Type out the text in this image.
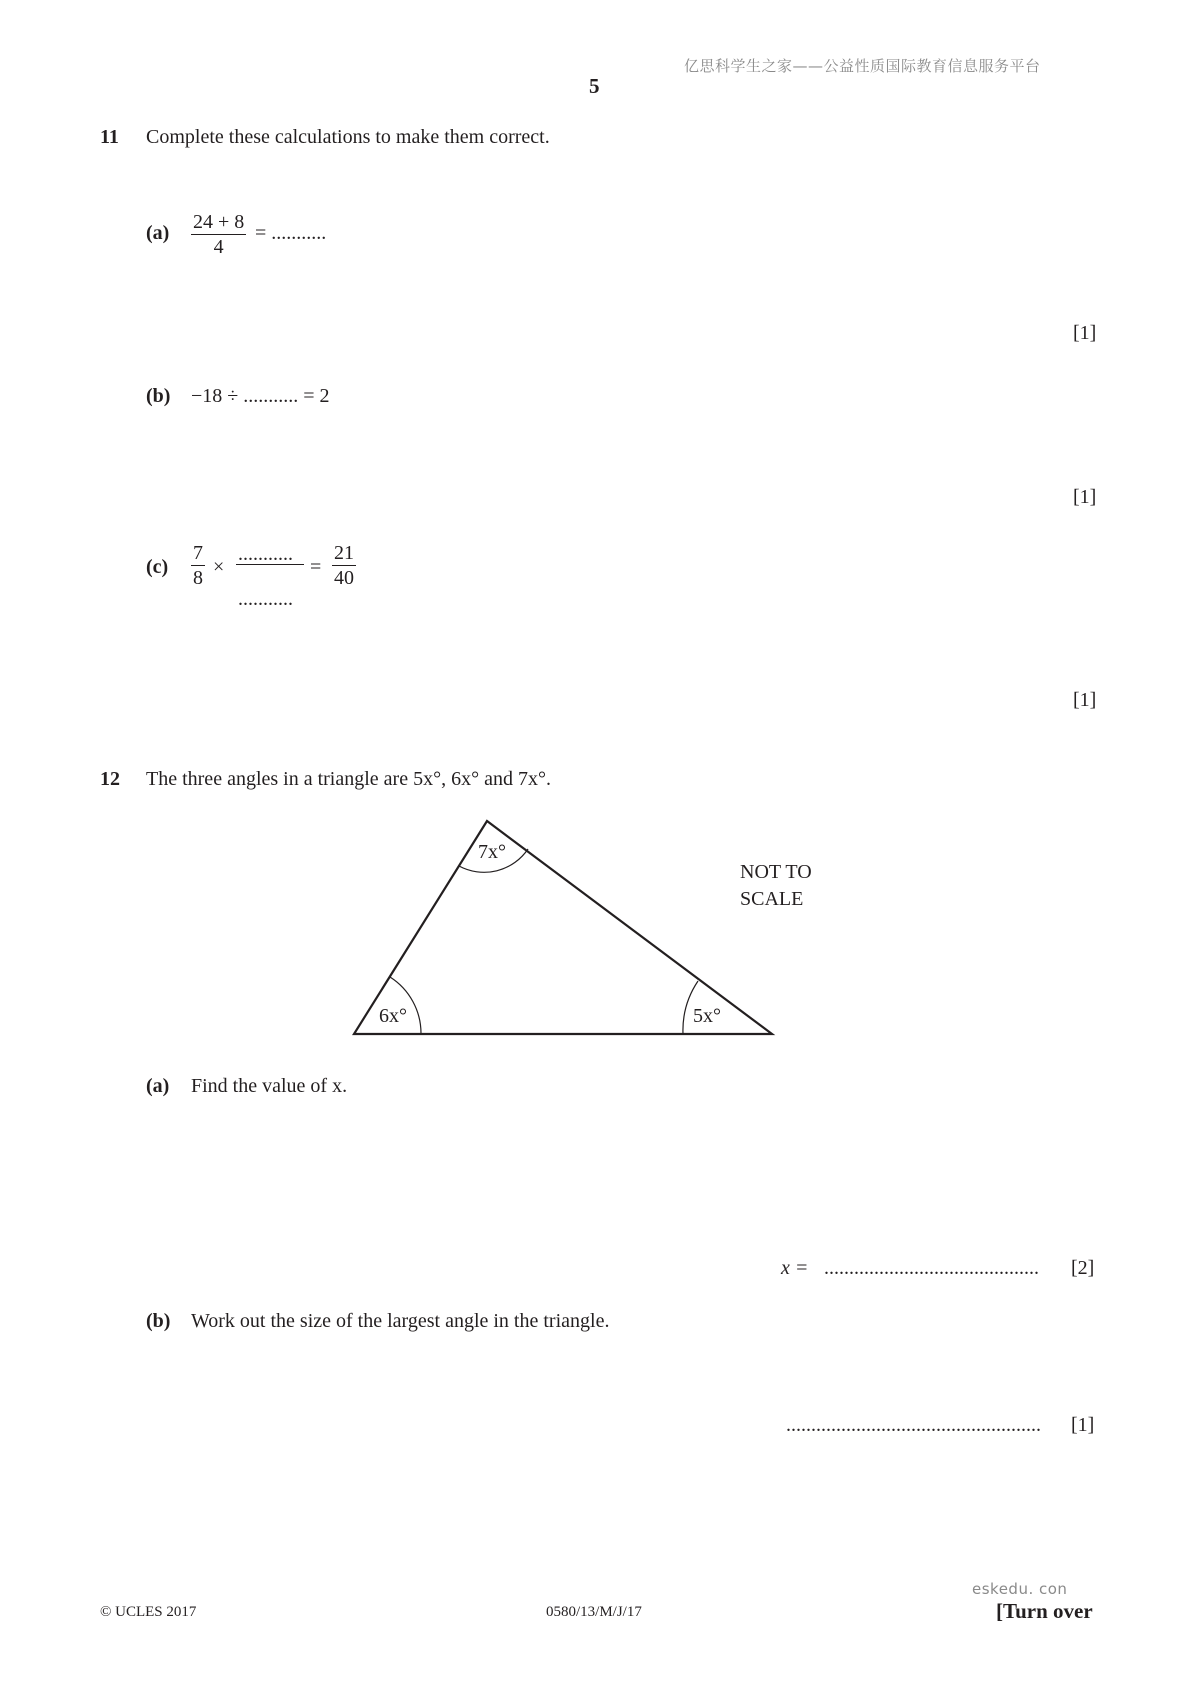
亿思科学生之家——公益性质国际教育信息服务平台
5
11 Complete these calculations to make them correct.
$(a) \frac{24 + 8}{4}$ = ...........
[1]
(b) −18 ÷ ........... = 2
[1]
$(c) \frac{7}{8}$ ×
...........
...........
= $\frac{21}{40}$
[1]
12 The three angles in a triangle are 5x°, 6x° and 7x°.
7x°
6x°	5x°
NOT TO
SCALE
(a) Find the value of x.
x = ........................................... [2]
(b) Work out the size of the largest angle in the triangle.
................................................... [1]
eskedu. con
© UCLES 2017	0580/13/M/J/17	[Turn over
